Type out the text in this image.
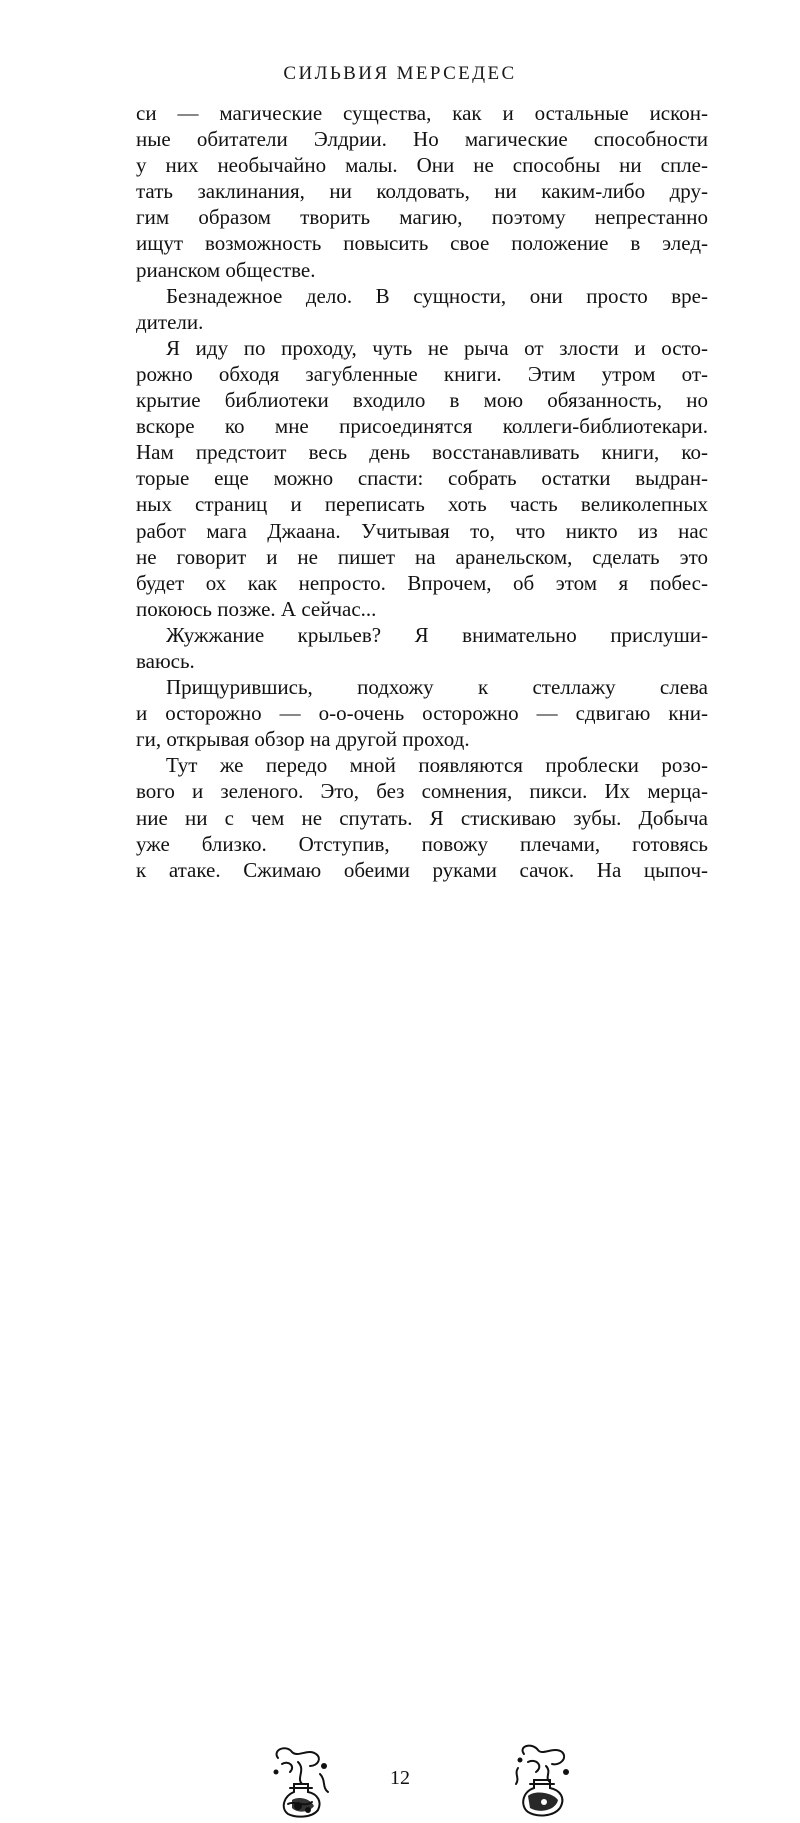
СИЛЬВИЯ МЕРСЕДЕС
си — магические существа, как и остальные искон-
ные обитатели Элдрии. Но магические способности
у них необычайно малы. Они не способны ни спле-
тать заклинания, ни колдовать, ни каким-либо дру-
гим образом творить магию, поэтому непрестанно
ищут возможность повысить свое положение в элед-
рианском обществе.
Безнадежное дело. В сущности, они просто вре-
дители.
Я иду по проходу, чуть не рыча от злости и осто-
рожно обходя загубленные книги. Этим утром от-
крытие библиотеки входило в мою обязанность, но
вскоре ко мне присоединятся коллеги-библиотекари.
Нам предстоит весь день восстанавливать книги, ко-
торые еще можно спасти: собрать остатки выдран-
ных страниц и переписать хоть часть великолепных
работ мага Джаана. Учитывая то, что никто из нас
не говорит и не пишет на аранельском, сделать это
будет ох как непросто. Впрочем, об этом я побес-
покоюсь позже. А сейчас...
Жужжание крыльев? Я внимательно прислуши-
ваюсь.
Прищурившись, подхожу к стеллажу слева
и осторожно — о-о-очень осторожно — сдвигаю кни-
ги, открывая обзор на другой проход.
Тут же передо мной появляются проблески розо-
вого и зеленого. Это, без сомнения, пикси. Их мерца-
ние ни с чем не спутать. Я стискиваю зубы. Добыча
уже близко. Отступив, повожу плечами, готовясь
к атаке. Сжимаю обеими руками сачок. На цыпоч-
12
